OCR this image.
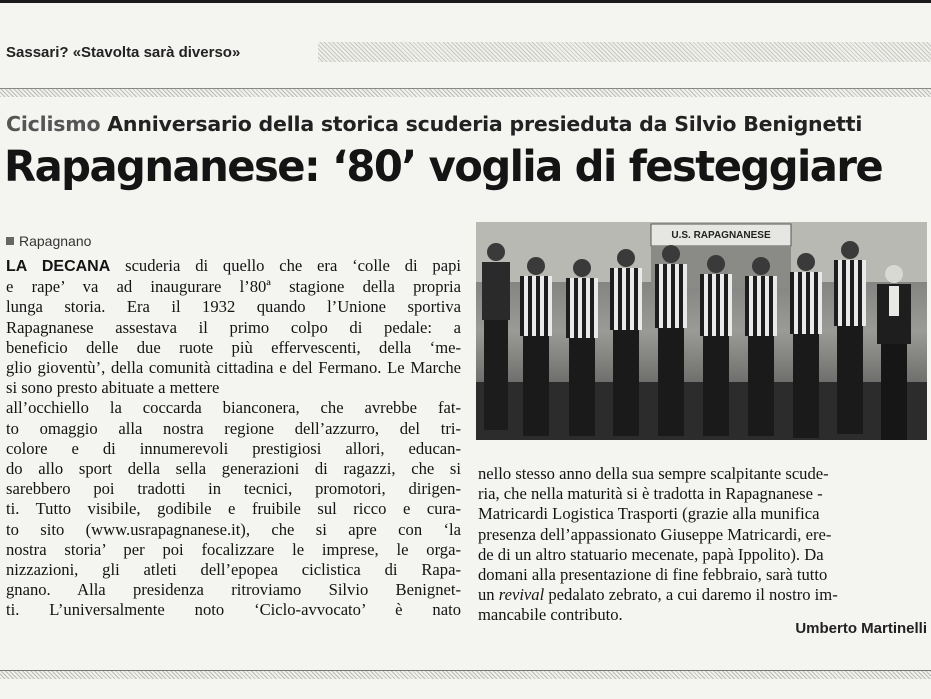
Sassari? «Stavolta sarà diverso»
Ciclismo Anniversario della storica scuderia presieduta da Silvio Benignetti
Rapagnanese: ‘80’ voglia di festeggiare
Rapagnano

LA DECANA scuderia di quello che era ‘colle di papi

e rape’ va ad inaugurare l’80ª stagione della propria

lunga storia. Era il 1932 quando l’Unione sportiva

Rapagnanese assestava il primo colpo di pedale: a

beneficio delle due ruote più effervescenti, della ‘me-

glio gioventù’, della comunità cittadina e del Fermano. Le Marche si sono presto abituate a mettere

all’occhiello la coccarda bianconera, che avrebbe fat-

to omaggio alla nostra regione dell’azzurro, del tri-

colore e di innumerevoli prestigiosi allori, educan-

do allo sport della sella generazioni di ragazzi, che si

sarebbero poi tradotti in tecnici, promotori, dirigen-

ti. Tutto visibile, godibile e fruibile sul ricco e cura-

to sito (www.usrapagnanese.it), che si apre con ‘la

nostra storia’ per poi focalizzare le imprese, le orga-

nizzazioni, gli atleti dell’epopea ciclistica di Rapa-

gnano. Alla presidenza ritroviamo Silvio Benignet-

ti. L’universalmente noto ‘Ciclo-avvocato’ è nato

U.S. RAPAGNANESE

nello stesso anno della sua sempre scalpitante scude-

ria, che nella maturità si è tradotta in Rapagnanese -

Matricardi Logistica Trasporti (grazie alla munifica

presenza dell’appassionato Giuseppe Matricardi, ere-

de di un altro statuario mecenate, papà Ippolito). Da

domani alla presentazione di fine febbraio, sarà tutto

un revival pedalato zebrato, a cui daremo il nostro im-

mancabile contributo.

Umberto Martinelli
